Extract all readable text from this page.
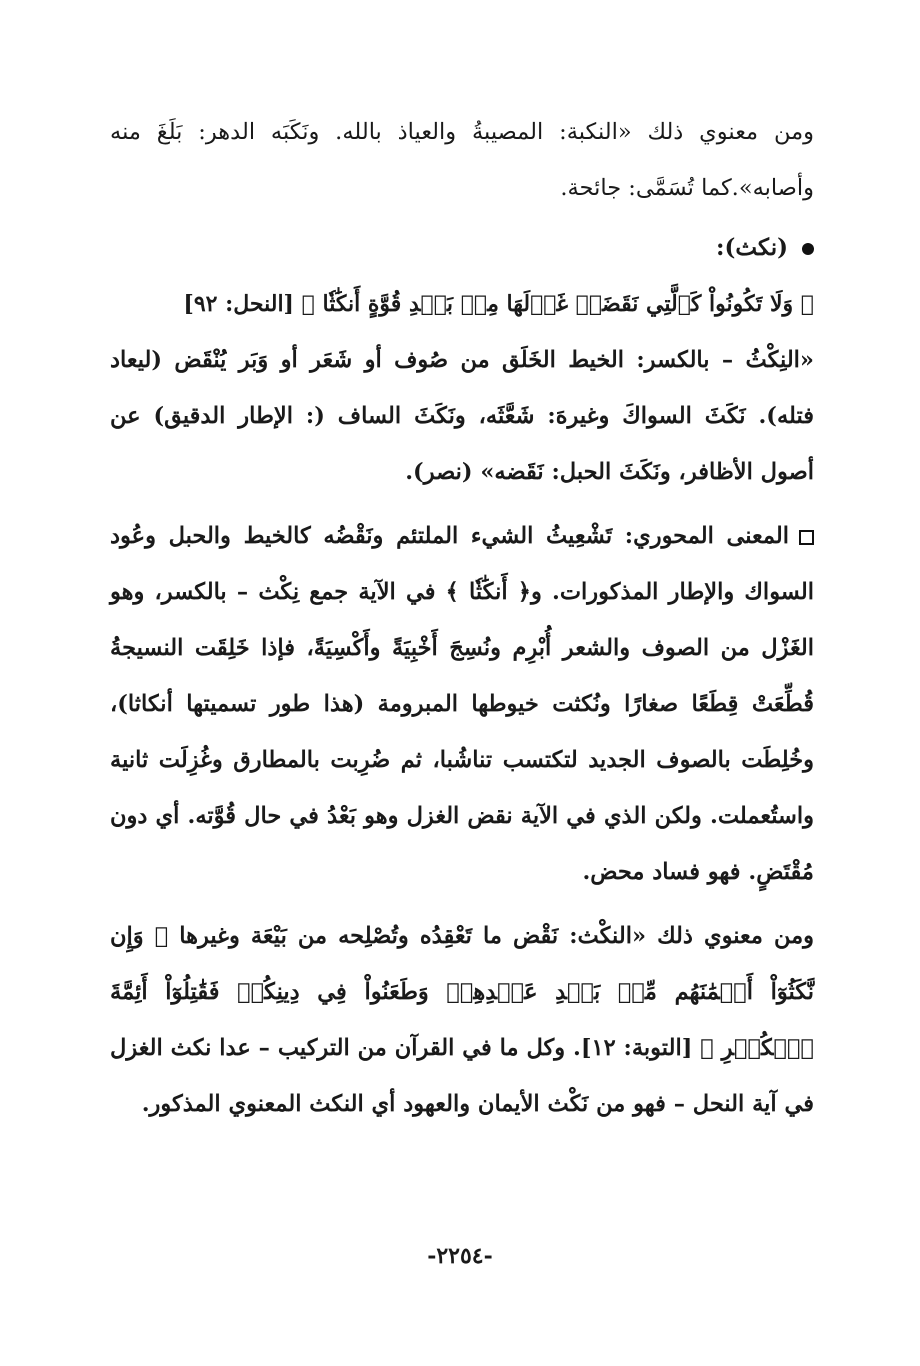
ومن معنوي ذلك «النكبة: المصيبةُ والعياذ بالله. ونَكَبَه الدهر: بَلَغَ منه وأصابه».كما تُسَمَّى: جائحة.

(نكث):

﴿ وَلَا تَكُونُواْ كَٱلَّتِي نَقَضَتۡ غَزۡلَهَا مِنۢ بَعۡدِ قُوَّةٍ أَنكَٰثٗا ﴾ [النحل: ٩٢]

«النِكْثُ – بالكسر: الخيط الخَلَق من صُوف أو شَعَر أو وَبَر يُنْقَض (ليعاد فتله). نَكَثَ السواكَ وغيرهَ: شَعَّثَه، ونَكَثَ الساف (: الإطار الدقيق) عن أصول الأظافر، ونَكَثَ الحبل: نَقَضه» (نصر).

المعنى المحوري: تَشْعِيثُ الشيء الملتئم ونَقْضُه كالخيط والحبل وعُود السواك والإطار المذكورات. و﴿ أَنكَٰثٗا ﴾ في الآية جمع نِكْث – بالكسر، وهو الغَزْل من الصوف والشعر أُبْرِم ونُسِجَ أَخْبِيَةً وأَكْسِيَةً، فإذا خَلِقَت النسيجةُ قُطِّعَتْ قِطَعًا صغارًا ونُكثت خيوطها المبرومة (هذا طور تسميتها أنكاثا)، وخُلِطَت بالصوف الجديد لتكتسب تناشُبا، ثم ضُرِبت بالمطارق وغُزِلَت ثانية واستُعملت. ولكن الذي في الآية نقض الغزل وهو بَعْدُ في حال قُوَّته. أي دون مُقْتَضٍ. فهو فساد محض.

ومن معنوي ذلك «النكْث: نَقْض ما تَعْقِدُه وتُصْلِحه من بَيْعَة وغيرها ﴿ وَإِن نَّكَثُوٓاْ أَيۡمَٰنَهُم مِّنۢ بَعۡدِ عَهۡدِهِمۡ وَطَعَنُواْ فِي دِينِكُمۡ فَقَٰتِلُوٓاْ أَئِمَّةَ ٱلۡكُفۡرِ ﴾ [التوبة: ١٢]. وكل ما في القرآن من التركيب – عدا نكث الغزل في آية النحل – فهو من نَكْث الأيمان والعهود أي النكث المعنوي المذكور.

-٢٢٥٤-
